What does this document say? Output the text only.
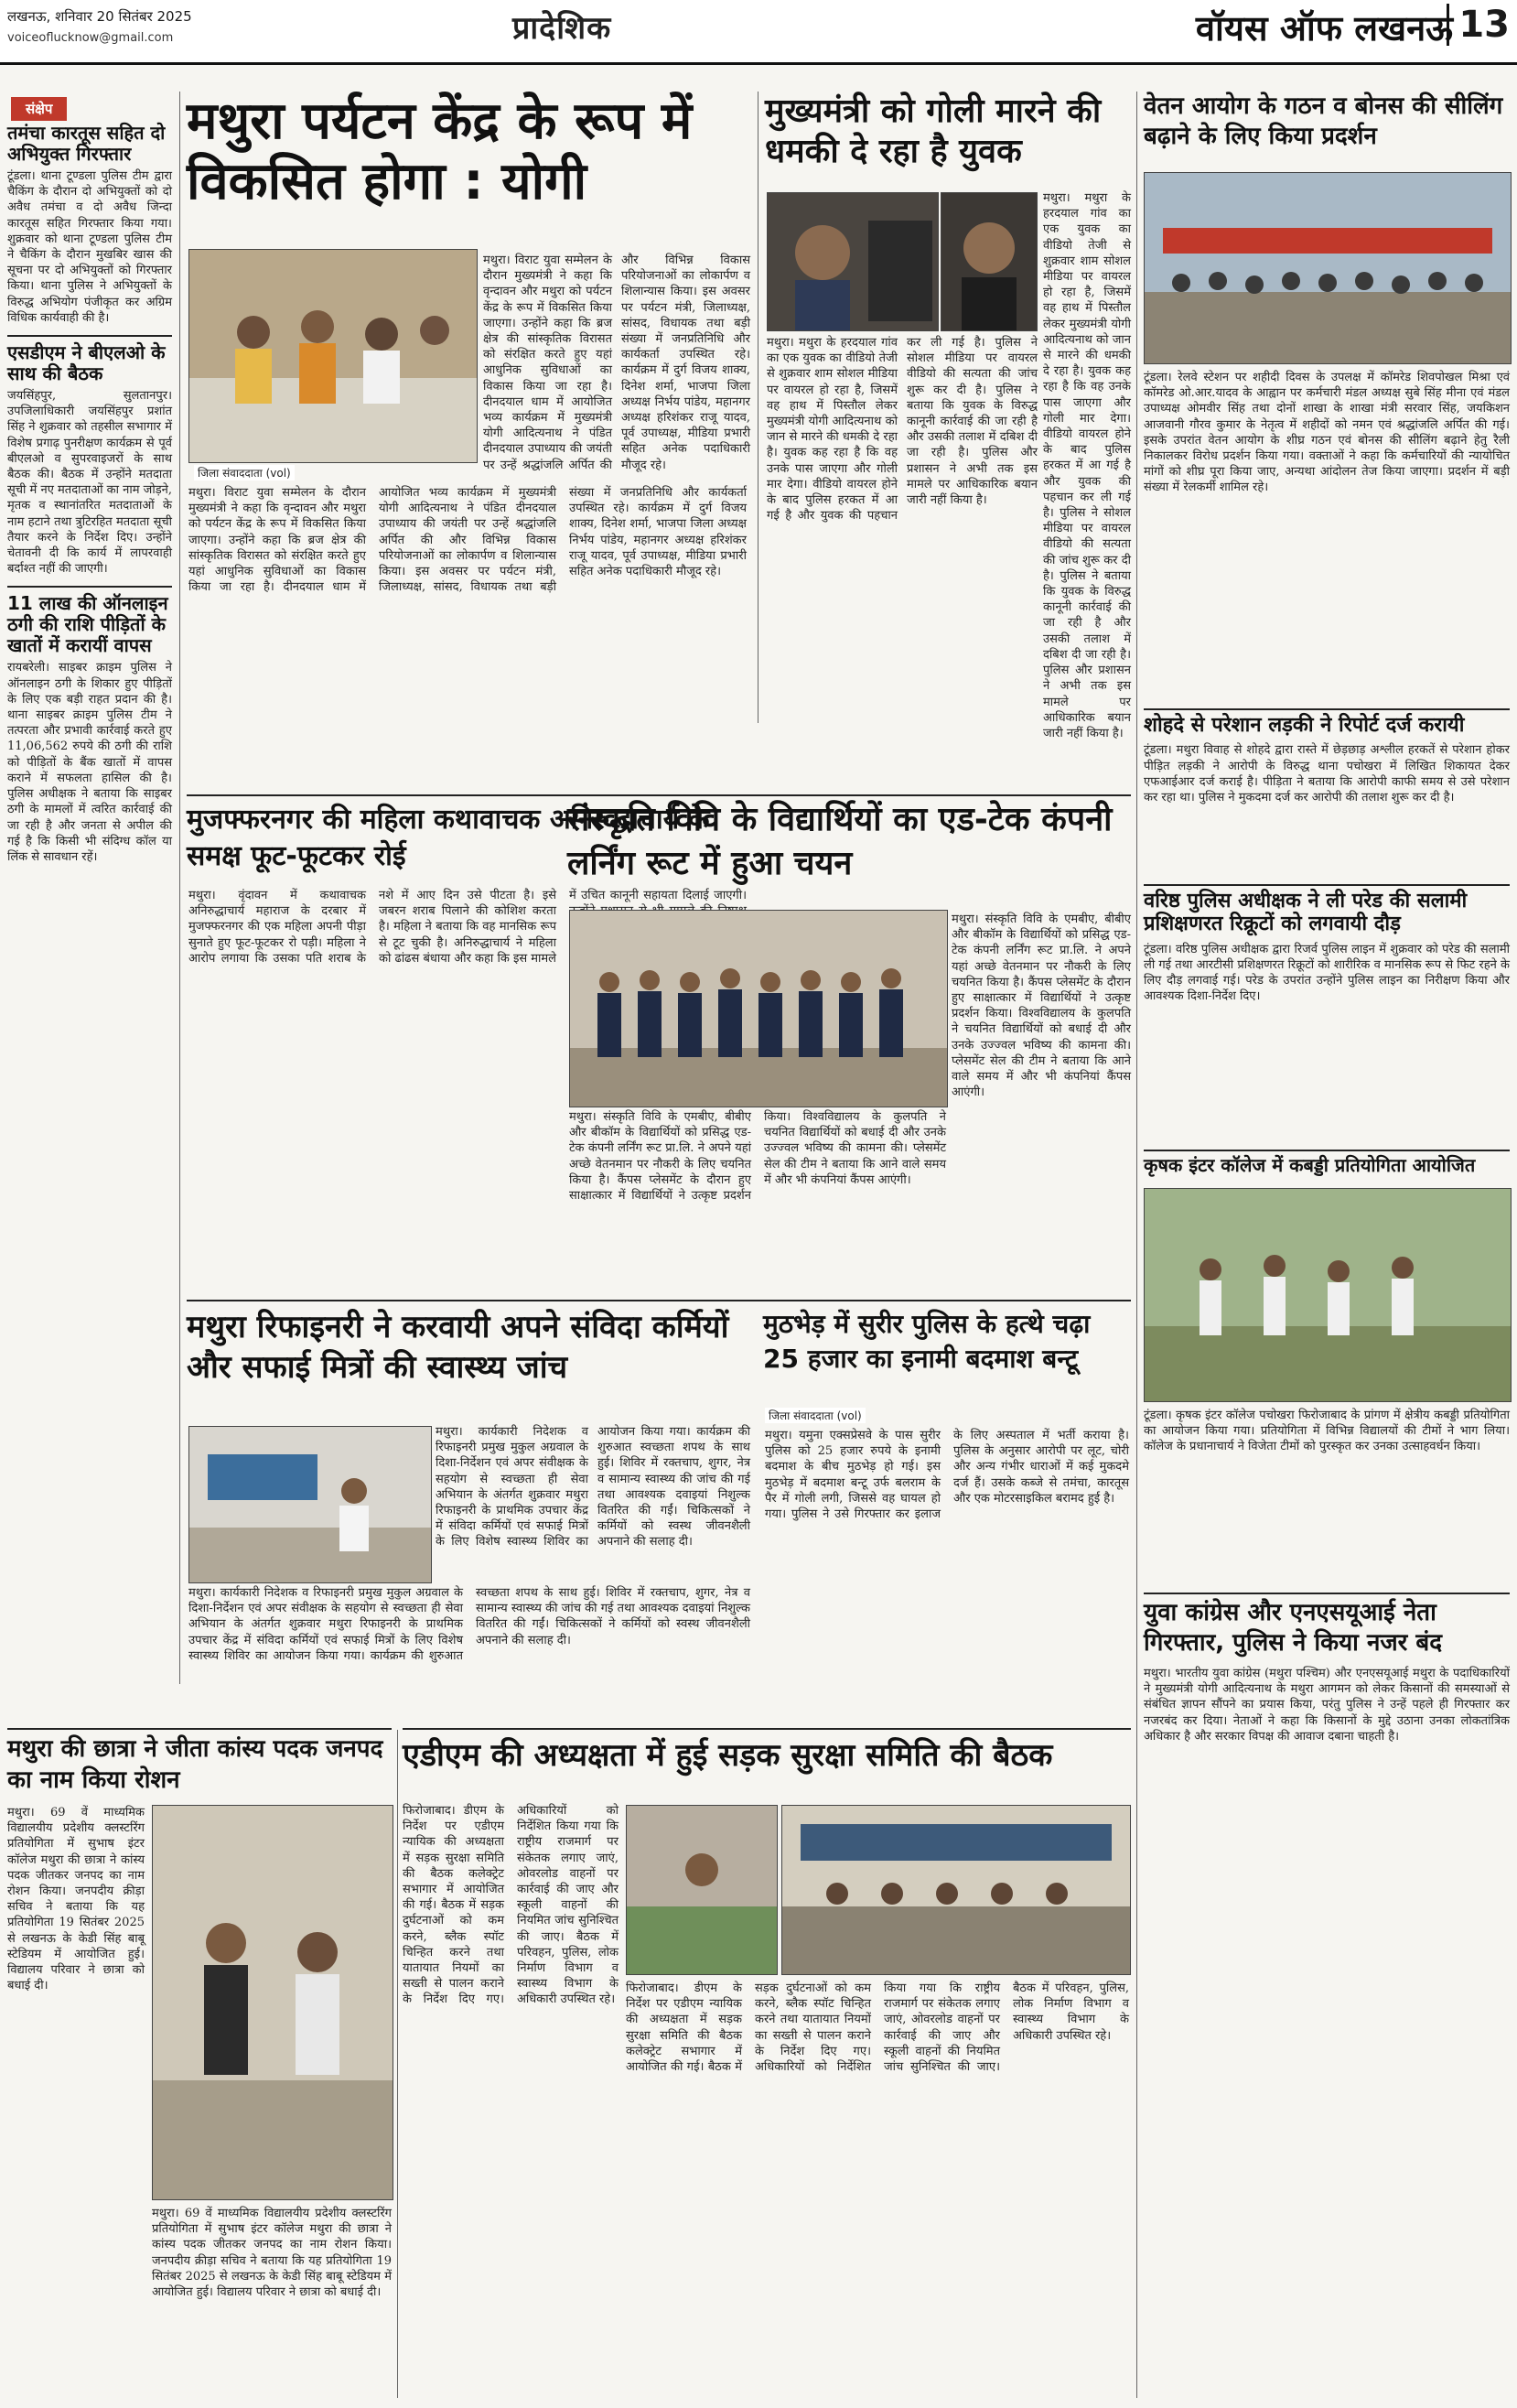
लखनऊ, शनिवार 20 सितंबर 2025
voiceoflucknow@gmail.com	प्रादेशिक	वॉयस ऑफ लखनऊ 13
संक्षेप
तमंचा कारतूस सहित दो अभियुक्त गिरफ्तार
टूंडला। थाना टूण्डला पुलिस टीम द्वारा चैकिंग के दौरान दो अभियुक्तों को दो अवैध तमंचा व दो अवैध जिन्दा कारतूस सहित गिरफ्तार किया गया। शुक्रवार को थाना टूण्डला पुलिस टीम ने चैकिंग के दौरान मुखबिर खास की सूचना पर दो अभियुक्तों को गिरफ्तार किया। थाना पुलिस ने अभियुक्तों के विरुद्ध अभियोग पंजीकृत कर अग्रिम विधिक कार्यवाही की है।
एसडीएम ने बीएलओ के साथ की बैठक
जयसिंहपुर, सुलतानपुर। उपजिलाधिकारी जयसिंहपुर प्रशांत सिंह ने शुक्रवार को तहसील सभागार में विशेष प्रगाढ़ पुनरीक्षण कार्यक्रम से पूर्व बीएलओ व सुपरवाइजरों के साथ बैठक की। बैठक में उन्होंने मतदाता सूची में नए मतदाताओं का नाम जोड़ने, मृतक व स्थानांतरित मतदाताओं के नाम हटाने तथा त्रुटिरहित मतदाता सूची तैयार करने के निर्देश दिए। उन्होंने चेतावनी दी कि कार्य में लापरवाही बर्दाश्त नहीं की जाएगी।
11 लाख की ऑनलाइन ठगी की राशि पीड़ितों के खातों में करायीं वापस
रायबरेली। साइबर क्राइम पुलिस ने ऑनलाइन ठगी के शिकार हुए पीड़ितों के लिए एक बड़ी राहत प्रदान की है। थाना साइबर क्राइम पुलिस टीम ने तत्परता और प्रभावी कार्रवाई करते हुए 11,06,562 रुपये की ठगी की राशि को पीड़ितों के बैंक खातों में वापस कराने में सफलता हासिल की है। पुलिस अधीक्षक ने बताया कि साइबर ठगी के मामलों में त्वरित कार्रवाई की जा रही है और जनता से अपील की गई है कि किसी भी संदिग्ध कॉल या लिंक से सावधान रहें।
मथुरा पर्यटन केंद्र के रूप में विकसित होगा : योगी
जिला संवाददाता (vol)
मथुरा। विराट युवा सम्मेलन के दौरान मुख्यमंत्री ने कहा कि वृन्दावन और मथुरा को पर्यटन केंद्र के रूप में विकसित किया जाएगा। उन्होंने कहा कि ब्रज क्षेत्र की सांस्कृतिक विरासत को संरक्षित करते हुए यहां आधुनिक सुविधाओं का विकास किया जा रहा है। दीनदयाल धाम में आयोजित भव्य कार्यक्रम में मुख्यमंत्री योगी आदित्यनाथ ने पंडित दीनदयाल उपाध्याय की जयंती पर उन्हें श्रद्धांजलि अर्पित की और विभिन्न विकास परियोजनाओं का लोकार्पण व शिलान्यास किया। इस अवसर पर पर्यटन मंत्री, जिलाध्यक्ष, सांसद, विधायक तथा बड़ी संख्या में जनप्रतिनिधि और कार्यकर्ता उपस्थित रहे। कार्यक्रम में दुर्ग विजय शाक्य, दिनेश शर्मा, भाजपा जिला अध्यक्ष निर्भय पांडेय, महानगर अध्यक्ष हरिशंकर राजू यादव, पूर्व उपाध्यक्ष, मीडिया प्रभारी सहित अनेक पदाधिकारी मौजूद रहे।
मथुरा। विराट युवा सम्मेलन के दौरान मुख्यमंत्री ने कहा कि वृन्दावन और मथुरा को पर्यटन केंद्र के रूप में विकसित किया जाएगा। उन्होंने कहा कि ब्रज क्षेत्र की सांस्कृतिक विरासत को संरक्षित करते हुए यहां आधुनिक सुविधाओं का विकास किया जा रहा है। दीनदयाल धाम में आयोजित भव्य कार्यक्रम में मुख्यमंत्री योगी आदित्यनाथ ने पंडित दीनदयाल उपाध्याय की जयंती पर उन्हें श्रद्धांजलि अर्पित की और विभिन्न विकास परियोजनाओं का लोकार्पण व शिलान्यास किया। इस अवसर पर पर्यटन मंत्री, जिलाध्यक्ष, सांसद, विधायक तथा बड़ी संख्या में जनप्रतिनिधि और कार्यकर्ता उपस्थित रहे। कार्यक्रम में दुर्ग विजय शाक्य, दिनेश शर्मा, भाजपा जिला अध्यक्ष निर्भय पांडेय, महानगर अध्यक्ष हरिशंकर राजू यादव, पूर्व उपाध्यक्ष, मीडिया प्रभारी सहित अनेक पदाधिकारी मौजूद रहे।
मुख्यमंत्री को गोली मारने की धमकी दे रहा है युवक
मथुरा। मथुरा के हरदयाल गांव का एक युवक का वीडियो तेजी से शुक्रवार शाम सोशल मीडिया पर वायरल हो रहा है, जिसमें वह हाथ में पिस्तौल लेकर मुख्यमंत्री योगी आदित्यनाथ को जान से मारने की धमकी दे रहा है। युवक कह रहा है कि वह उनके पास जाएगा और गोली मार देगा। वीडियो वायरल होने के बाद पुलिस हरकत में आ गई है और युवक की पहचान कर ली गई है। पुलिस ने सोशल मीडिया पर वायरल वीडियो की सत्यता की जांच शुरू कर दी है। पुलिस ने बताया कि युवक के विरुद्ध कानूनी कार्रवाई की जा रही है और उसकी तलाश में दबिश दी जा रही है। पुलिस और प्रशासन ने अभी तक इस मामले पर आधिकारिक बयान जारी नहीं किया है।
मथुरा। मथुरा के हरदयाल गांव का एक युवक का वीडियो तेजी से शुक्रवार शाम सोशल मीडिया पर वायरल हो रहा है, जिसमें वह हाथ में पिस्तौल लेकर मुख्यमंत्री योगी आदित्यनाथ को जान से मारने की धमकी दे रहा है। युवक कह रहा है कि वह उनके पास जाएगा और गोली मार देगा। वीडियो वायरल होने के बाद पुलिस हरकत में आ गई है और युवक की पहचान कर ली गई है। पुलिस ने सोशल मीडिया पर वायरल वीडियो की सत्यता की जांच शुरू कर दी है। पुलिस ने बताया कि युवक के विरुद्ध कानूनी कार्रवाई की जा रही है और उसकी तलाश में दबिश दी जा रही है। पुलिस और प्रशासन ने अभी तक इस मामले पर आधिकारिक बयान जारी नहीं किया है।
वेतन आयोग के गठन व बोनस की सीलिंग बढ़ाने के लिए किया प्रदर्शन
टूंडला। रेलवे स्टेशन पर शहीदी दिवस के उपलक्ष में कॉमरेड शिवपोखल मिश्रा एवं कॉमरेड ओ.आर.यादव के आह्वान पर कर्मचारी मंडल अध्यक्ष सुबे सिंह मीना एवं मंडल उपाध्यक्ष ओमवीर सिंह तथा दोनों शाखा के शाखा मंत्री सरवार सिंह, जयकिशन आजवानी गौरव कुमार के नेतृत्व में शहीदों को नमन एवं श्रद्धांजलि अर्पित की गई। इसके उपरांत वेतन आयोग के शीघ्र गठन एवं बोनस की सीलिंग बढ़ाने हेतु रैली निकालकर विरोध प्रदर्शन किया गया। वक्ताओं ने कहा कि कर्मचारियों की न्यायोचित मांगों को शीघ्र पूरा किया जाए, अन्यथा आंदोलन तेज किया जाएगा। प्रदर्शन में बड़ी संख्या में रेलकर्मी शामिल रहे।
शोहदे से परेशान लड़की ने रिपोर्ट दर्ज करायी
टूंडला। मथुरा विवाह से शोहदे द्वारा रास्ते में छेड़छाड़ अश्लील हरकतें से परेशान होकर पीड़ित लड़की ने आरोपी के विरुद्ध थाना पचोखरा में लिखित शिकायत देकर एफआईआर दर्ज कराई है। पीड़िता ने बताया कि आरोपी काफी समय से उसे परेशान कर रहा था। पुलिस ने मुकदमा दर्ज कर आरोपी की तलाश शुरू कर दी है।
वरिष्ठ पुलिस अधीक्षक ने ली परेड की सलामी प्रशिक्षणरत रिक्रूटों को लगवायी दौड़
टूंडला। वरिष्ठ पुलिस अधीक्षक द्वारा रिजर्व पुलिस लाइन में शुक्रवार को परेड की सलामी ली गई तथा आरटीसी प्रशिक्षणरत रिक्रूटों को शारीरिक व मानसिक रूप से फिट रहने के लिए दौड़ लगवाई गई। परेड के उपरांत उन्होंने पुलिस लाइन का निरीक्षण किया और आवश्यक दिशा-निर्देश दिए।
कृषक इंटर कॉलेज में कबड्डी प्रतियोगिता आयोजित
टूंडला। कृषक इंटर कॉलेज पचोखरा फिरोजाबाद के प्रांगण में क्षेत्रीय कबड्डी प्रतियोगिता का आयोजन किया गया। प्रतियोगिता में विभिन्न विद्यालयों की टीमों ने भाग लिया। कॉलेज के प्रधानाचार्य ने विजेता टीमों को पुरस्कृत कर उनका उत्साहवर्धन किया।
युवा कांग्रेस और एनएसयूआई नेता गिरफ्तार, पुलिस ने किया नजर बंद
मथुरा। भारतीय युवा कांग्रेस (मथुरा पश्चिम) और एनएसयूआई मथुरा के पदाधिकारियों ने मुख्यमंत्री योगी आदित्यनाथ के मथुरा आगमन को लेकर किसानों की समस्याओं से संबंधित ज्ञापन सौंपने का प्रयास किया, परंतु पुलिस ने उन्हें पहले ही गिरफ्तार कर नजरबंद कर दिया। नेताओं ने कहा कि किसानों के मुद्दे उठाना उनका लोकतांत्रिक अधिकार है और सरकार विपक्ष की आवाज दबाना चाहती है।
मुजफ्फरनगर की महिला कथावाचक अनिरुद्धाचार्य के समक्ष फूट-फूटकर रोई
मथुरा। वृंदावन में कथावाचक अनिरुद्धाचार्य महाराज के दरबार में मुजफ्फरनगर की एक महिला अपनी पीड़ा सुनाते हुए फूट-फूटकर रो पड़ी। महिला ने आरोप लगाया कि उसका पति शराब के नशे में आए दिन उसे पीटता है। इसे जबरन शराब पिलाने की कोशिश करता है। महिला ने बताया कि वह मानसिक रूप से टूट चुकी है। अनिरुद्धाचार्य ने महिला को ढांढस बंधाया और कहा कि इस मामले में उचित कानूनी सहायता दिलाई जाएगी।
संस्कृति विवि के विद्यार्थियों का एड-टेक कंपनी लर्निंग रूट में हुआ चयन
मथुरा। संस्कृति विवि के एमबीए, बीबीए और बीकॉम के विद्यार्थियों को प्रसिद्ध एड-टेक कंपनी लर्निंग रूट प्रा.लि. ने अपने यहां अच्छे वेतनमान पर नौकरी के लिए चयनित किया है। कैंपस प्लेसमेंट के दौरान हुए साक्षात्कार में विद्यार्थियों ने उत्कृष्ट प्रदर्शन किया। विश्वविद्यालय के कुलपति ने चयनित विद्यार्थियों को बधाई दी और उनके उज्ज्वल भविष्य की कामना की। प्लेसमेंट सेल की टीम ने बताया कि आने वाले समय में और भी कंपनियां कैंपस आएंगी।
मथुरा। संस्कृति विवि के एमबीए, बीबीए और बीकॉम के विद्यार्थियों को प्रसिद्ध एड-टेक कंपनी लर्निंग रूट प्रा.लि. ने अपने यहां अच्छे वेतनमान पर नौकरी के लिए चयनित किया है। कैंपस प्लेसमेंट के दौरान हुए साक्षात्कार में विद्यार्थियों ने उत्कृष्ट प्रदर्शन किया। विश्वविद्यालय के कुलपति ने चयनित विद्यार्थियों को बधाई दी और उनके उज्ज्वल भविष्य की कामना की। प्लेसमेंट सेल की टीम ने बताया कि आने वाले समय में और भी कंपनियां कैंपस आएंगी।
मथुरा रिफाइनरी ने करवायी अपने संविदा कर्मियों और सफाई मित्रों की स्वास्थ्य जांच
मथुरा। कार्यकारी निदेशक व रिफाइनरी प्रमुख मुकुल अग्रवाल के दिशा-निर्देशन एवं अपर संवीक्षक के सहयोग से स्वच्छता ही सेवा अभियान के अंतर्गत शुक्रवार मथुरा रिफाइनरी के प्राथमिक उपचार केंद्र में संविदा कर्मियों एवं सफाई मित्रों के लिए विशेष स्वास्थ्य शिविर का आयोजन किया गया। कार्यक्रम की शुरुआत स्वच्छता शपथ के साथ हुई। शिविर में रक्तचाप, शुगर, नेत्र व सामान्य स्वास्थ्य की जांच की गई तथा आवश्यक दवाइयां निशुल्क वितरित की गईं। चिकित्सकों ने कर्मियों को स्वस्थ जीवनशैली अपनाने की सलाह दी।
मथुरा। कार्यकारी निदेशक व रिफाइनरी प्रमुख मुकुल अग्रवाल के दिशा-निर्देशन एवं अपर संवीक्षक के सहयोग से स्वच्छता ही सेवा अभियान के अंतर्गत शुक्रवार मथुरा रिफाइनरी के प्राथमिक उपचार केंद्र में संविदा कर्मियों एवं सफाई मित्रों के लिए विशेष स्वास्थ्य शिविर का आयोजन किया गया। कार्यक्रम की शुरुआत स्वच्छता शपथ के साथ हुई। शिविर में रक्तचाप, शुगर, नेत्र व सामान्य स्वास्थ्य की जांच की गई तथा आवश्यक दवाइयां निशुल्क वितरित की गईं। चिकित्सकों ने कर्मियों को स्वस्थ जीवनशैली अपनाने की सलाह दी।
मुठभेड़ में सुरीर पुलिस के हत्थे चढ़ा 25 हजार का इनामी बदमाश बन्टू
जिला संवाददाता (vol)
मथुरा। यमुना एक्सप्रेसवे के पास सुरीर पुलिस को 25 हजार रुपये के इनामी बदमाश के बीच मुठभेड़ हो गई। इस मुठभेड़ में बदमाश बन्टू उर्फ बलराम के पैर में गोली लगी, जिससे वह घायल हो गया। पुलिस ने उसे गिरफ्तार कर इलाज के लिए अस्पताल में भर्ती कराया है। पुलिस के अनुसार आरोपी पर लूट, चोरी और अन्य गंभीर धाराओं में कई मुकदमे दर्ज हैं। उसके कब्जे से तमंचा, कारतूस और एक मोटरसाइकिल बरामद हुई है।
मथुरा की छात्रा ने जीता कांस्य पदक जनपद का नाम किया रोशन
मथुरा। 69 वें माध्यमिक विद्यालयीय प्रदेशीय क्लस्टरिंग प्रतियोगिता में सुभाष इंटर कॉलेज मथुरा की छात्रा ने कांस्य पदक जीतकर जनपद का नाम रोशन किया। जनपदीय क्रीड़ा सचिव ने बताया कि यह प्रतियोगिता 19 सितंबर 2025 से लखनऊ के केडी सिंह बाबू स्टेडियम में आयोजित हुई। विद्यालय परिवार ने छात्रा को बधाई दी।
मथुरा। 69 वें माध्यमिक विद्यालयीय प्रदेशीय क्लस्टरिंग प्रतियोगिता में सुभाष इंटर कॉलेज मथुरा की छात्रा ने कांस्य पदक जीतकर जनपद का नाम रोशन किया। जनपदीय क्रीड़ा सचिव ने बताया कि यह प्रतियोगिता 19 सितंबर 2025 से लखनऊ के केडी सिंह बाबू स्टेडियम में आयोजित हुई। विद्यालय परिवार ने छात्रा को बधाई दी।
एडीएम की अध्यक्षता में हुई सड़क सुरक्षा समिति की बैठक
फिरोजाबाद। डीएम के निर्देश पर एडीएम न्यायिक की अध्यक्षता में सड़क सुरक्षा समिति की बैठक कलेक्ट्रेट सभागार में आयोजित की गई। बैठक में सड़क दुर्घटनाओं को कम करने, ब्लैक स्पॉट चिन्हित करने तथा यातायात नियमों का सख्ती से पालन कराने के निर्देश दिए गए। अधिकारियों को निर्देशित किया गया कि राष्ट्रीय राजमार्ग पर संकेतक लगाए जाएं, ओवरलोड वाहनों पर कार्रवाई की जाए और स्कूली वाहनों की नियमित जांच सुनिश्चित की जाए। बैठक में परिवहन, पुलिस, लोक निर्माण विभाग व स्वास्थ्य विभाग के अधिकारी उपस्थित रहे।
फिरोजाबाद। डीएम के निर्देश पर एडीएम न्यायिक की अध्यक्षता में सड़क सुरक्षा समिति की बैठक कलेक्ट्रेट सभागार में आयोजित की गई। बैठक में सड़क दुर्घटनाओं को कम करने, ब्लैक स्पॉट चिन्हित करने तथा यातायात नियमों का सख्ती से पालन कराने के निर्देश दिए गए। अधिकारियों को निर्देशित किया गया कि राष्ट्रीय राजमार्ग पर संकेतक लगाए जाएं, ओवरलोड वाहनों पर कार्रवाई की जाए और स्कूली वाहनों की नियमित जांच सुनिश्चित की जाए। बैठक में परिवहन, पुलिस, लोक निर्माण विभाग व स्वास्थ्य विभाग के अधिकारी उपस्थित रहे।
